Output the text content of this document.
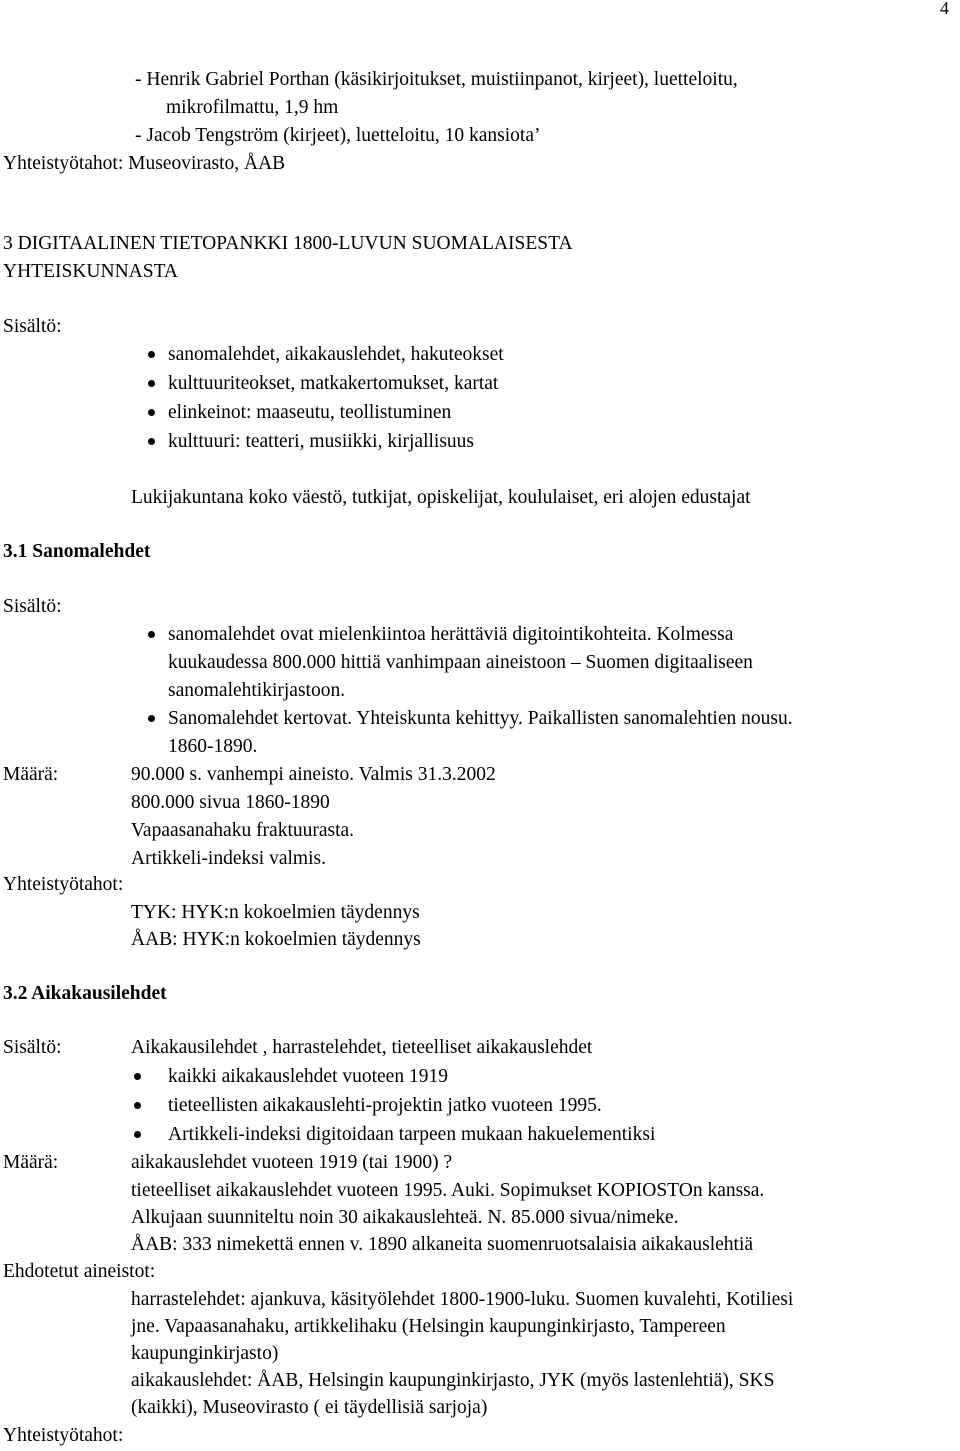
4
- Henrik Gabriel Porthan (käsikirjoitukset, muistiinpanot, kirjeet), luetteloitu,
mikrofilmattu, 1,9 hm
- Jacob Tengström (kirjeet), luetteloitu, 10 kansiota’
Yhteistyötahot: Museovirasto, ÅAB
3 DIGITAALINEN TIETOPANKKI 1800-LUVUN SUOMALAISESTA
YHTEISKUNNASTA
Sisältö:
sanomalehdet, aikakauslehdet, hakuteokset
kulttuuriteokset, matkakertomukset, kartat
elinkeinot: maaseutu, teollistuminen
kulttuuri: teatteri, musiikki, kirjallisuus
Lukijakuntana koko väestö, tutkijat, opiskelijat, koululaiset, eri alojen edustajat
3.1 Sanomalehdet
Sisältö:
sanomalehdet ovat mielenkiintoa herättäviä digitointikohteita. Kolmessa
kuukaudessa 800.000 hittiä vanhimpaan aineistoon – Suomen digitaaliseen
sanomalehtikirjastoon.
Sanomalehdet kertovat. Yhteiskunta kehittyy. Paikallisten sanomalehtien nousu.
1860-1890.
Määrä:	90.000 s. vanhempi aineisto. Valmis 31.3.2002
800.000 sivua 1860-1890
Vapaasanahaku fraktuurasta.
Artikkeli-indeksi valmis.
Yhteistyötahot:
TYK: HYK:n kokoelmien täydennys
ÅAB: HYK:n kokoelmien täydennys
3.2 Aikakausilehdet
Sisältö:	Aikakausilehdet , harrastelehdet, tieteelliset aikakauslehdet
kaikki aikakauslehdet vuoteen 1919
tieteellisten aikakauslehti-projektin jatko vuoteen 1995.
Artikkeli-indeksi digitoidaan tarpeen mukaan hakuelementiksi
Määrä:	aikakauslehdet vuoteen 1919 (tai 1900) ?
tieteelliset aikakauslehdet vuoteen 1995. Auki. Sopimukset KOPIOSTOn kanssa.
Alkujaan suunniteltu noin 30 aikakauslehteä. N. 85.000 sivua/nimeke.
ÅAB: 333 nimekettä ennen v. 1890 alkaneita suomenruotsalaisia aikakauslehtiä
Ehdotetut aineistot:
harrastelehdet: ajankuva, käsityölehdet 1800-1900-luku. Suomen kuvalehti, Kotiliesi
jne. Vapaasanahaku, artikkelihaku (Helsingin kaupunginkirjasto, Tampereen
kaupunginkirjasto)
aikakauslehdet: ÅAB, Helsingin kaupunginkirjasto, JYK (myös lastenlehtiä), SKS
(kaikki), Museovirasto ( ei täydellisiä sarjoja)
Yhteistyötahot:
